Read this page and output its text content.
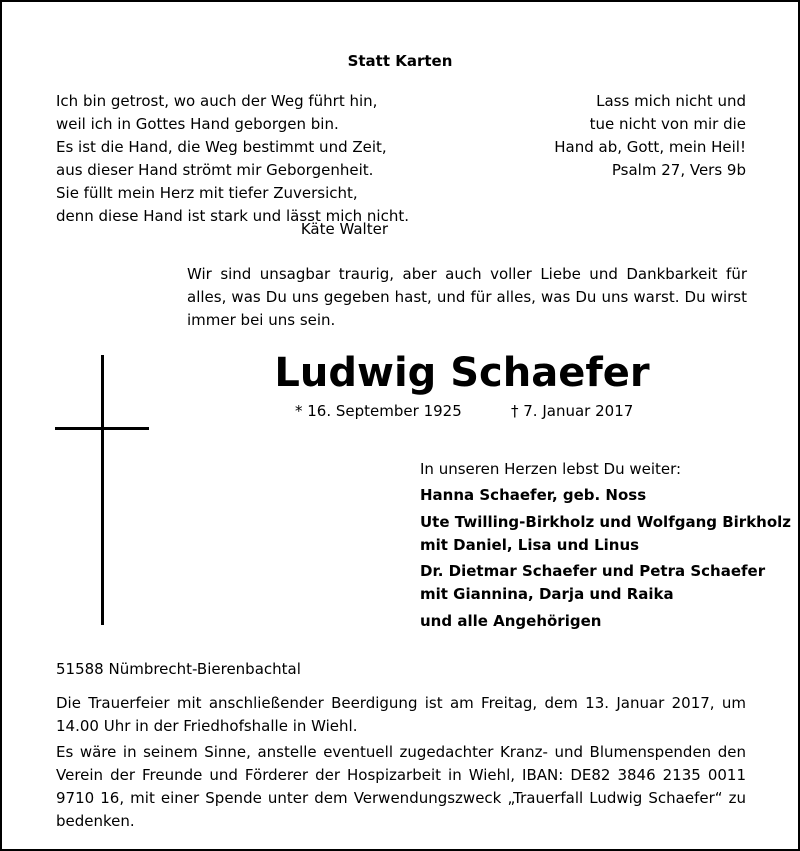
Statt Karten
Ich bin getrost, wo auch der Weg führt hin,
weil ich in Gottes Hand geborgen bin.
Es ist die Hand, die Weg bestimmt und Zeit,
aus dieser Hand strömt mir Geborgenheit.
Sie füllt mein Herz mit tiefer Zuversicht,
denn diese Hand ist stark und lässt mich nicht.
Käte Walter
Lass mich nicht und
tue nicht von mir die
Hand ab, Gott, mein Heil!
Psalm 27, Vers 9b
Wir sind unsagbar traurig, aber auch voller Liebe und Dankbarkeit für alles, was Du uns gegeben hast, und für alles, was Du uns warst. Du wirst immer bei uns sein.
Ludwig Schaefer
* 16. September 1925	† 7. Januar 2017
In unseren Herzen lebst Du weiter:
Hanna Schaefer, geb. Noss
Ute Twilling-Birkholz und Wolfgang Birkholz
mit Daniel, Lisa und Linus
Dr. Dietmar Schaefer und Petra Schaefer
mit Giannina, Darja und Raika
und alle Angehörigen
51588 Nümbrecht-Bierenbachtal
Die Trauerfeier mit anschließender Beerdigung ist am Freitag, dem 13. Januar 2017, um 14.00 Uhr in der Friedhofshalle in Wiehl.
Es wäre in seinem Sinne, anstelle eventuell zugedachter Kranz- und Blumenspenden den Verein der Freunde und Förderer der Hospizarbeit in Wiehl, IBAN: DE82 3846 2135 0011 9710 16, mit einer Spende unter dem Verwendungszweck „Trauerfall Ludwig Schaefer“ zu bedenken.
